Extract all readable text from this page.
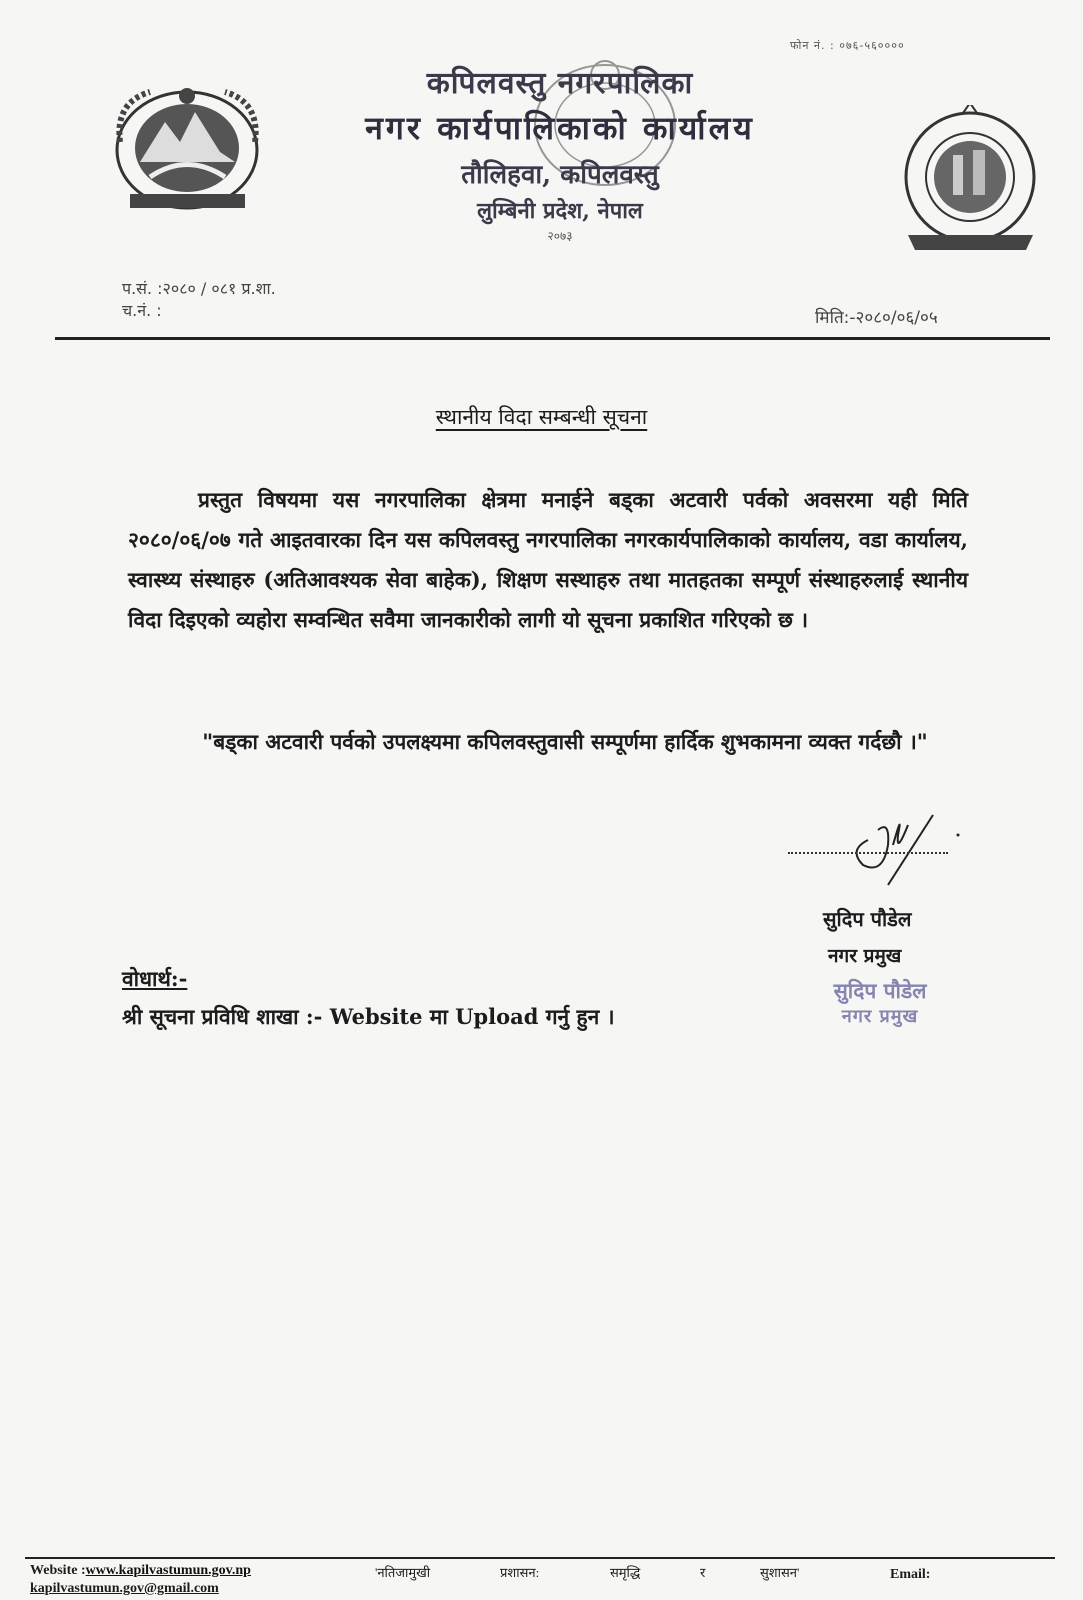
फोन नं. : ०७६-५६००००
कपिलवस्तु नगरपालिका
नगर कार्यपालिकाको कार्यालय
तौलिहवा, कपिलवस्तु
लुम्बिनी प्रदेश, नेपाल
२०७३
प.सं. :२०८० / ०८१ प्र.शा.
च.नं. :	मिति:-२०८०/०६/०५
स्थानीय विदा सम्बन्धी सूचना
प्रस्तुत विषयमा यस नगरपालिका क्षेत्रमा मनाईने बड्का अटवारी पर्वको अवसरमा यही मिति २०८०/०६/०७ गते आइतवारका दिन यस कपिलवस्तु नगरपालिका नगरकार्यपालिकाको कार्यालय, वडा कार्यालय, स्वास्थ्य संस्थाहरु (अतिआवश्यक सेवा बाहेक), शिक्षण सस्थाहरु तथा मातहतका सम्पूर्ण संस्थाहरुलाई स्थानीय विदा दिइएको व्यहोरा सम्वन्धित सवैमा जानकारीको लागी यो सूचना प्रकाशित गरिएको छ ।
"बड्का अटवारी पर्वको उपलक्ष्यमा कपिलवस्तुवासी सम्पूर्णमा हार्दिक शुभकामना व्यक्त गर्दछौ ।"
सुदिप पौडेल
नगर प्रमुख
सुदिप पौडेल
नगर प्रमुख
वोधार्थ:-
श्री सूचना प्रविधि शाखा :- Website मा Upload गर्नु हुन ।
Website :www.kapilvastumun.gov.np	'नतिजामुखी	प्रशासन:	समृद्धि	र	सुशासन'	Email:
kapilvastumun.gov@gmail.com
